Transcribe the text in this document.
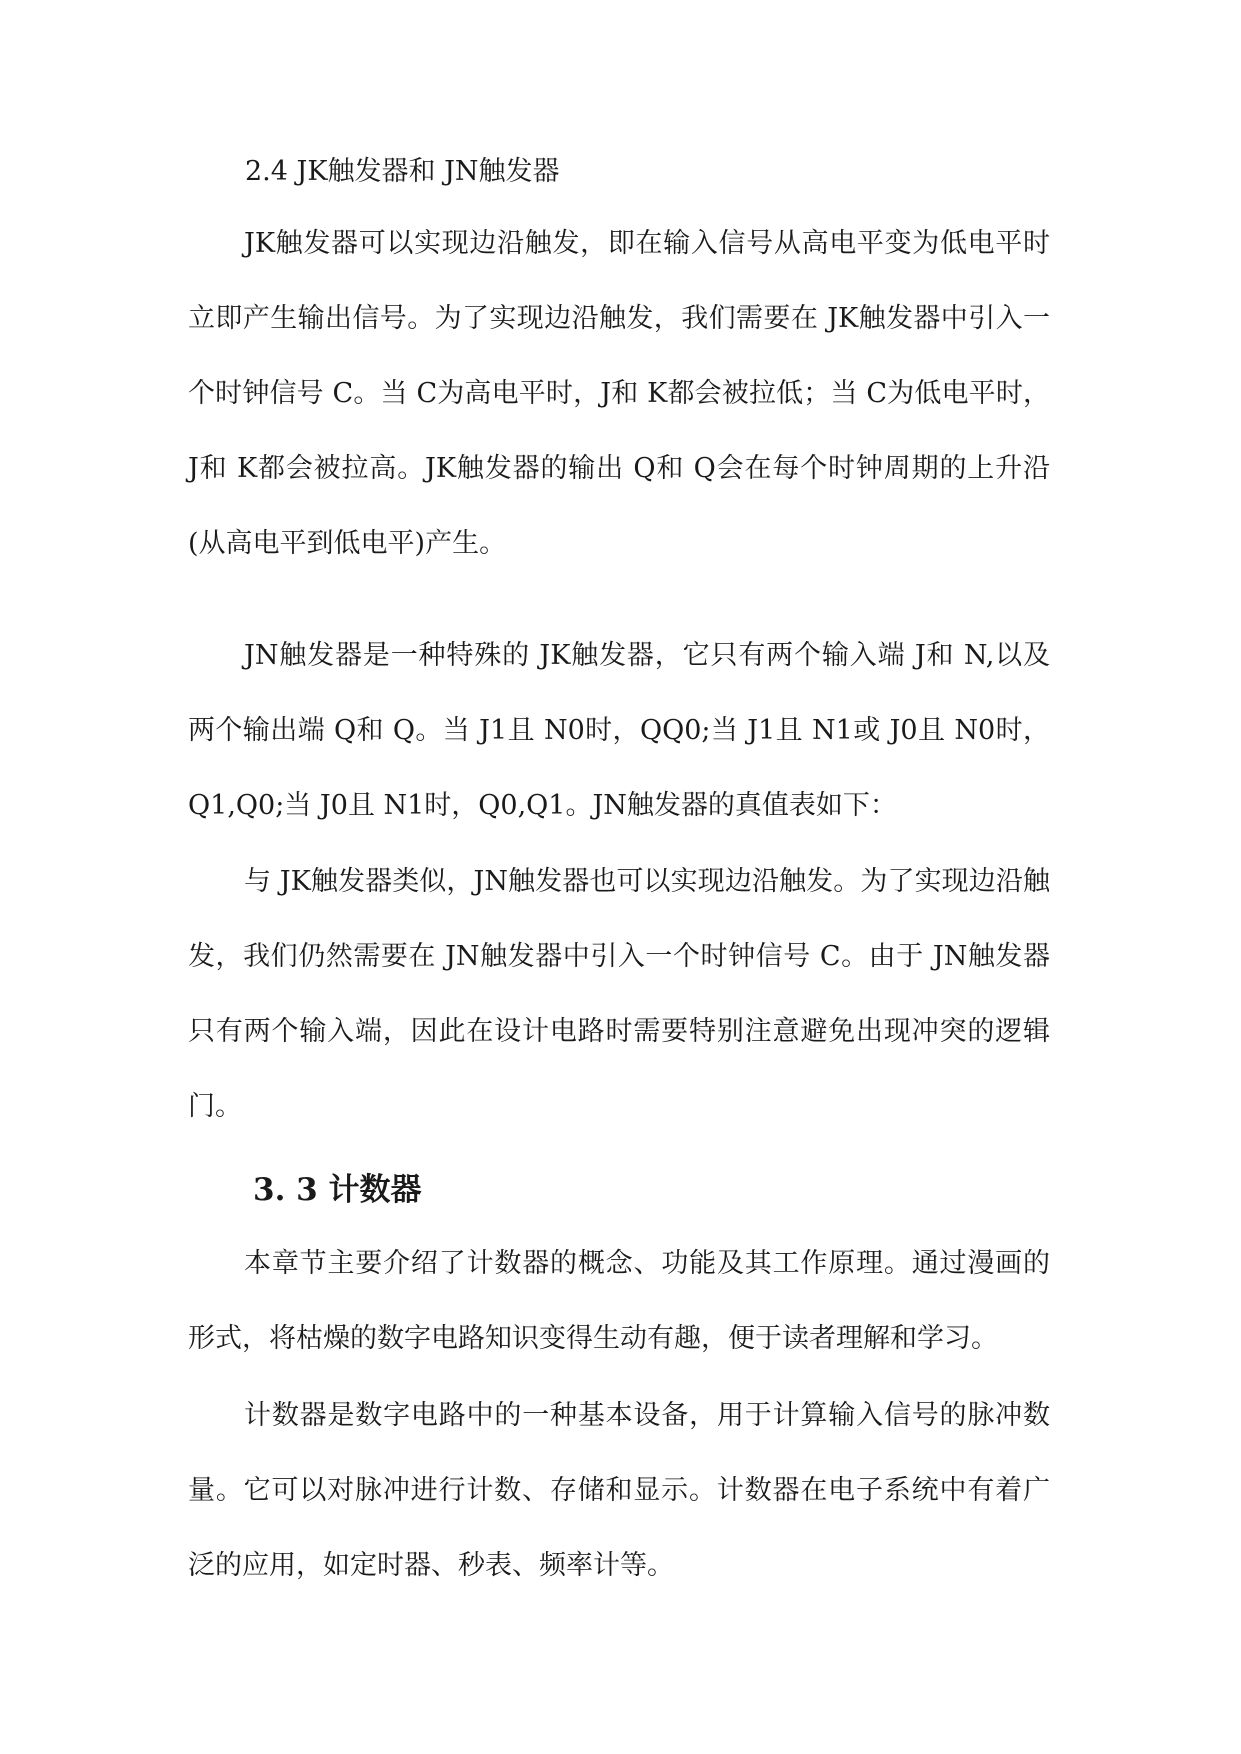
2.4 JK触发器和 JN触发器

JK触发器可以实现边沿触发，即在输入信号从高电平变为低电平时立即产生输出信号。为了实现边沿触发，我们需要在 JK触发器中引入一个时钟信号 C。当 C为高电平时，J和 K都会被拉低；当 C为低电平时，J和 K都会被拉高。JK触发器的输出 Q和 Q会在每个时钟周期的上升沿(从高电平到低电平)产生。

JN触发器是一种特殊的 JK触发器，它只有两个输入端 J和 N,以及两个输出端 Q和 Q。当 J1且 N0时，QQ0;当 J1且 N1或 J0且 N0时，Q1,Q0;当 J0且 N1时，Q0,Q1。JN触发器的真值表如下：

与 JK触发器类似，JN触发器也可以实现边沿触发。为了实现边沿触发，我们仍然需要在 JN触发器中引入一个时钟信号 C。由于 JN触发器只有两个输入端，因此在设计电路时需要特别注意避免出现冲突的逻辑门。

3. 3 计数器

本章节主要介绍了计数器的概念、功能及其工作原理。通过漫画的形式，将枯燥的数字电路知识变得生动有趣，便于读者理解和学习。

计数器是数字电路中的一种基本设备，用于计算输入信号的脉冲数量。它可以对脉冲进行计数、存储和显示。计数器在电子系统中有着广泛的应用，如定时器、秒表、频率计等。
